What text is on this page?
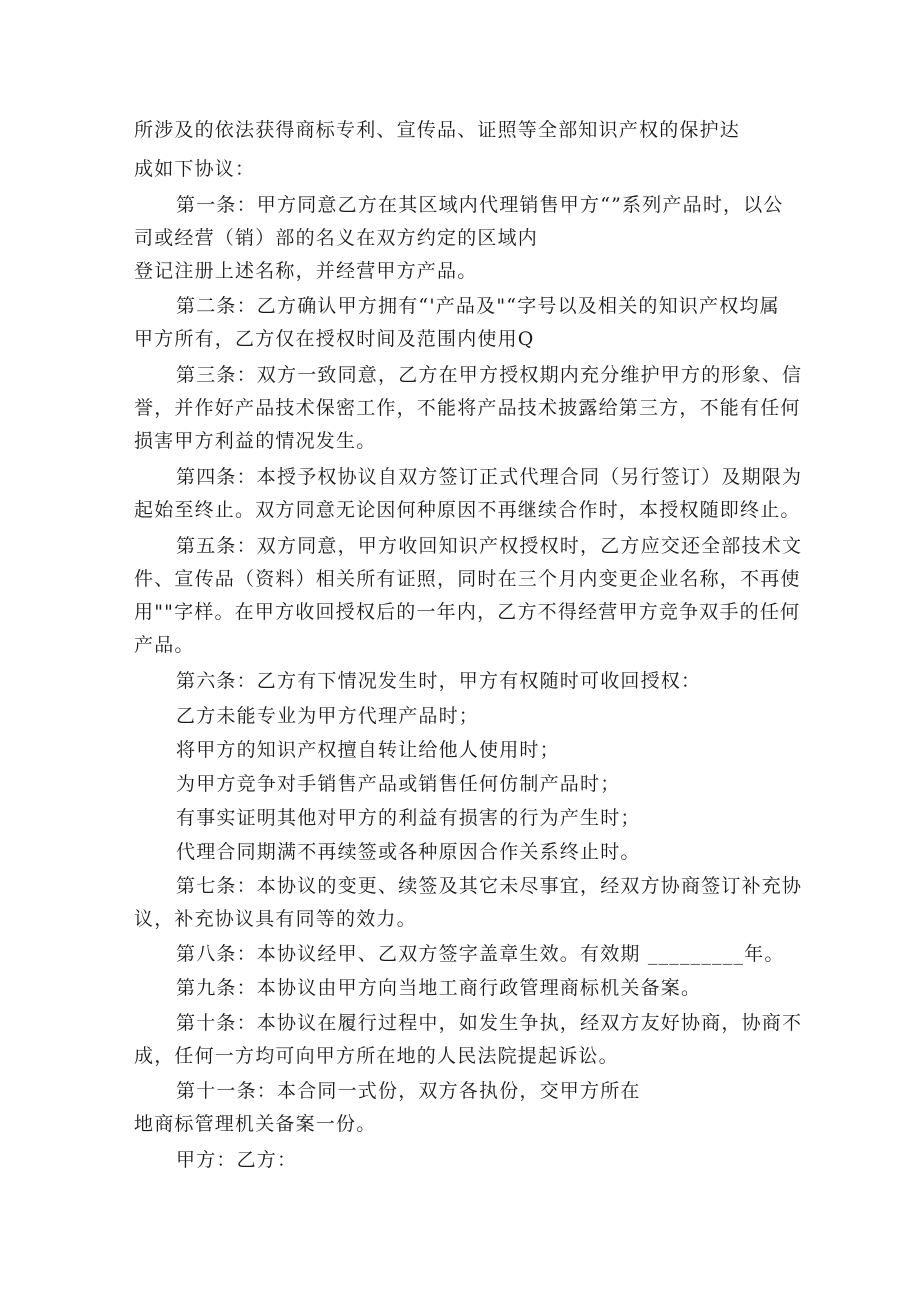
所涉及的依法获得商标专利、宣传品、证照等全部知识产权的保护达
成如下协议：
第一条：甲方同意乙方在其区域内代理销售甲方“”系列产品时，以公
司或经营（销）部的名义在双方约定的区域内
登记注册上述名称，并经营甲方产品。
第二条：乙方确认甲方拥有“'产品及"“字号以及相关的知识产权均属
甲方所有，乙方仅在授权时间及范围内使用Q
第三条：双方一致同意，乙方在甲方授权期内充分维护甲方的形象、信
誉，并作好产品技术保密工作，不能将产品技术披露给第三方，不能有任何
损害甲方利益的情况发生。
第四条：本授予权协议自双方签订正式代理合同（另行签订）及期限为
起始至终止。双方同意无论因何种原因不再继续合作时，本授权随即终止。
第五条：双方同意，甲方收回知识产权授权时，乙方应交还全部技术文
件、宣传品（资料）相关所有证照，同时在三个月内变更企业名称，不再使
用""字样。在甲方收回授权后的一年内，乙方不得经营甲方竞争双手的任何
产品。
第六条：乙方有下情况发生时，甲方有权随时可收回授权：
乙方未能专业为甲方代理产品时；
将甲方的知识产权擅自转让给他人使用时；
为甲方竞争对手销售产品或销售任何仿制产品时；
有事实证明其他对甲方的利益有损害的行为产生时；
代理合同期满不再续签或各种原因合作关系终止时。
第七条：本协议的变更、续签及其它未尽事宜，经双方协商签订补充协
议，补充协议具有同等的效力。
第八条：本协议经甲、乙双方签字盖章生效。有效期 _________年。
第九条：本协议由甲方向当地工商行政管理商标机关备案。
第十条：本协议在履行过程中，如发生争执，经双方友好协商，协商不
成，任何一方均可向甲方所在地的人民法院提起诉讼。
第十一条：本合同一式份，双方各执份，交甲方所在
地商标管理机关备案一份。
甲方：乙方：
